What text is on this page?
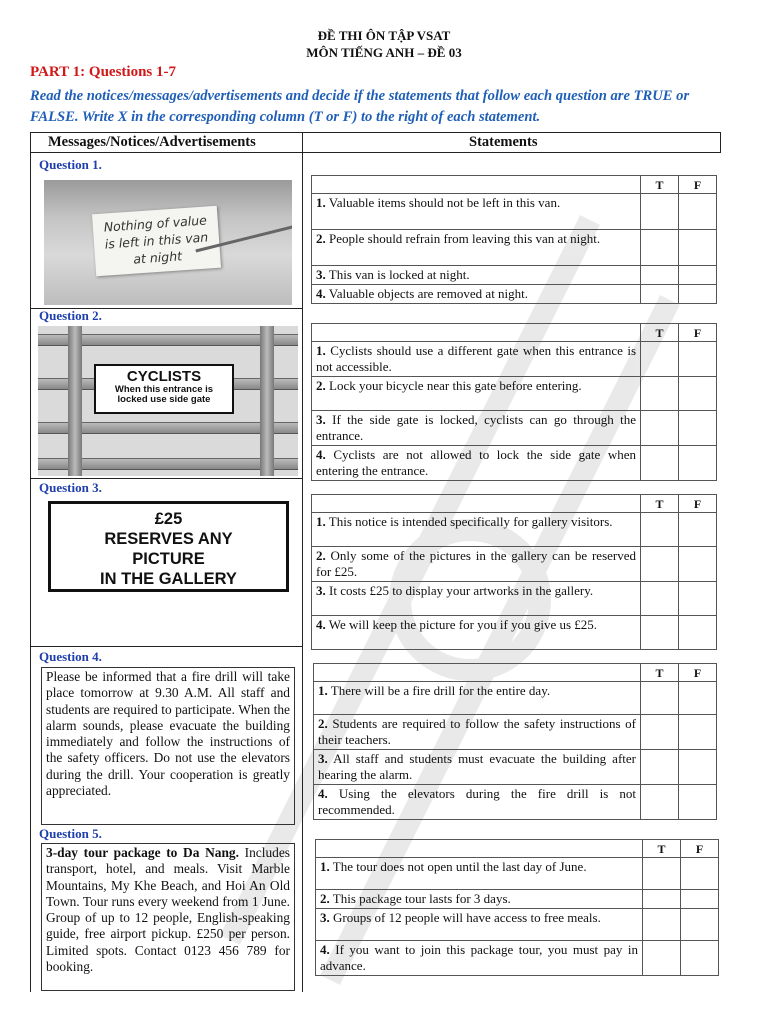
ĐỀ THI ÔN TẬP VSAT
MÔN TIẾNG ANH – ĐỀ 03
PART 1: Questions 1-7
Read the notices/messages/advertisements and decide if the statements that follow each question are TRUE or FALSE. Write X in the corresponding column (T or F) to the right of each statement.
Messages/Notices/Advertisements	Statements
Question 1.
Nothing of value
is left in this van
at night
	T	F
1. Valuable items should not be left in this van.		
2. People should refrain from leaving this van at night.		
3. This van is locked at night.		
4. Valuable objects are removed at night.		
Question 2.
CYCLISTS
When this entrance is
locked use side gate
	T	F
1. Cyclists should use a different gate when this entrance is not accessible.		
2. Lock your bicycle near this gate before entering.		
3. If the side gate is locked, cyclists can go through the entrance.		
4. Cyclists are not allowed to lock the side gate when entering the entrance.		
Question 3.
£25
RESERVES ANY
PICTURE
IN THE GALLERY
	T	F
1. This notice is intended specifically for gallery visitors.		
2. Only some of the pictures in the gallery can be reserved for £25.		
3. It costs £25 to display your artworks in the gallery.		
4. We will keep the picture for you if you give us £25.		
Question 4.
Please be informed that a fire drill will take place tomorrow at 9.30 A.M. All staff and students are required to participate. When the alarm sounds, please evacuate the building immediately and follow the instructions of the safety officers. Do not use the elevators during the drill. Your cooperation is greatly appreciated.
	T	F
1. There will be a fire drill for the entire day.		
2. Students are required to follow the safety instructions of their teachers.		
3. All staff and students must evacuate the building after hearing the alarm.		
4. Using the elevators during the fire drill is not recommended.		
Question 5.
3-day tour package to Da Nang. Includes transport, hotel, and meals. Visit Marble Mountains, My Khe Beach, and Hoi An Old Town. Tour runs every weekend from 1 June. Group of up to 12 people, English-speaking guide, free airport pickup. £250 per person. Limited spots. Contact 0123 456 789 for booking.
	T	F
1. The tour does not open until the last day of June.		
2. This package tour lasts for 3 days.		
3. Groups of 12 people will have access to free meals.		
4. If you want to join this package tour, you must pay in advance.		
